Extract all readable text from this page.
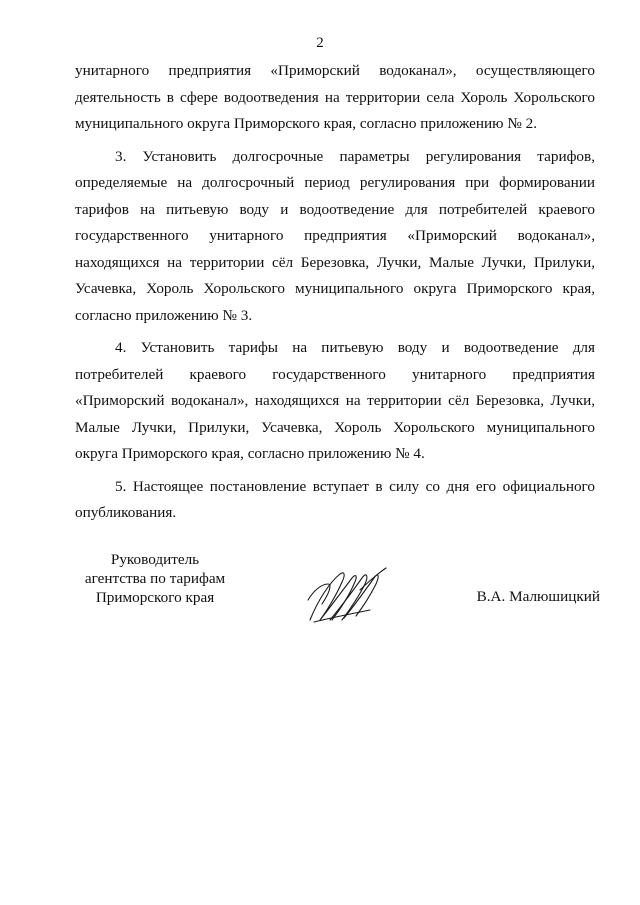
2
унитарного предприятия «Приморский водоканал», осуществляющего
деятельность в сфере водоотведения на территории села Хороль Хорольского
муниципального округа Приморского края, согласно приложению № 2.
3. Установить долгосрочные параметры регулирования тарифов,
определяемые на долгосрочный период регулирования при формировании
тарифов на питьевую воду и водоотведение для потребителей краевого
государственного унитарного предприятия «Приморский водоканал»,
находящихся на территории сёл Березовка, Лучки, Малые Лучки, Прилуки,
Усачевка, Хороль Хорольского муниципального округа Приморского края,
согласно приложению № 3.
4. Установить тарифы на питьевую воду и водоотведение для
потребителей краевого государственного унитарного предприятия
«Приморский водоканал», находящихся на территории сёл Березовка, Лучки,
Малые Лучки, Прилуки, Усачевка, Хороль Хорольского муниципального
округа Приморского края, согласно приложению № 4.
5. Настоящее постановление вступает в силу со дня его официального
опубликования.
Руководитель
агентства по тарифам
Приморского края	В.А. Малюшицкий
